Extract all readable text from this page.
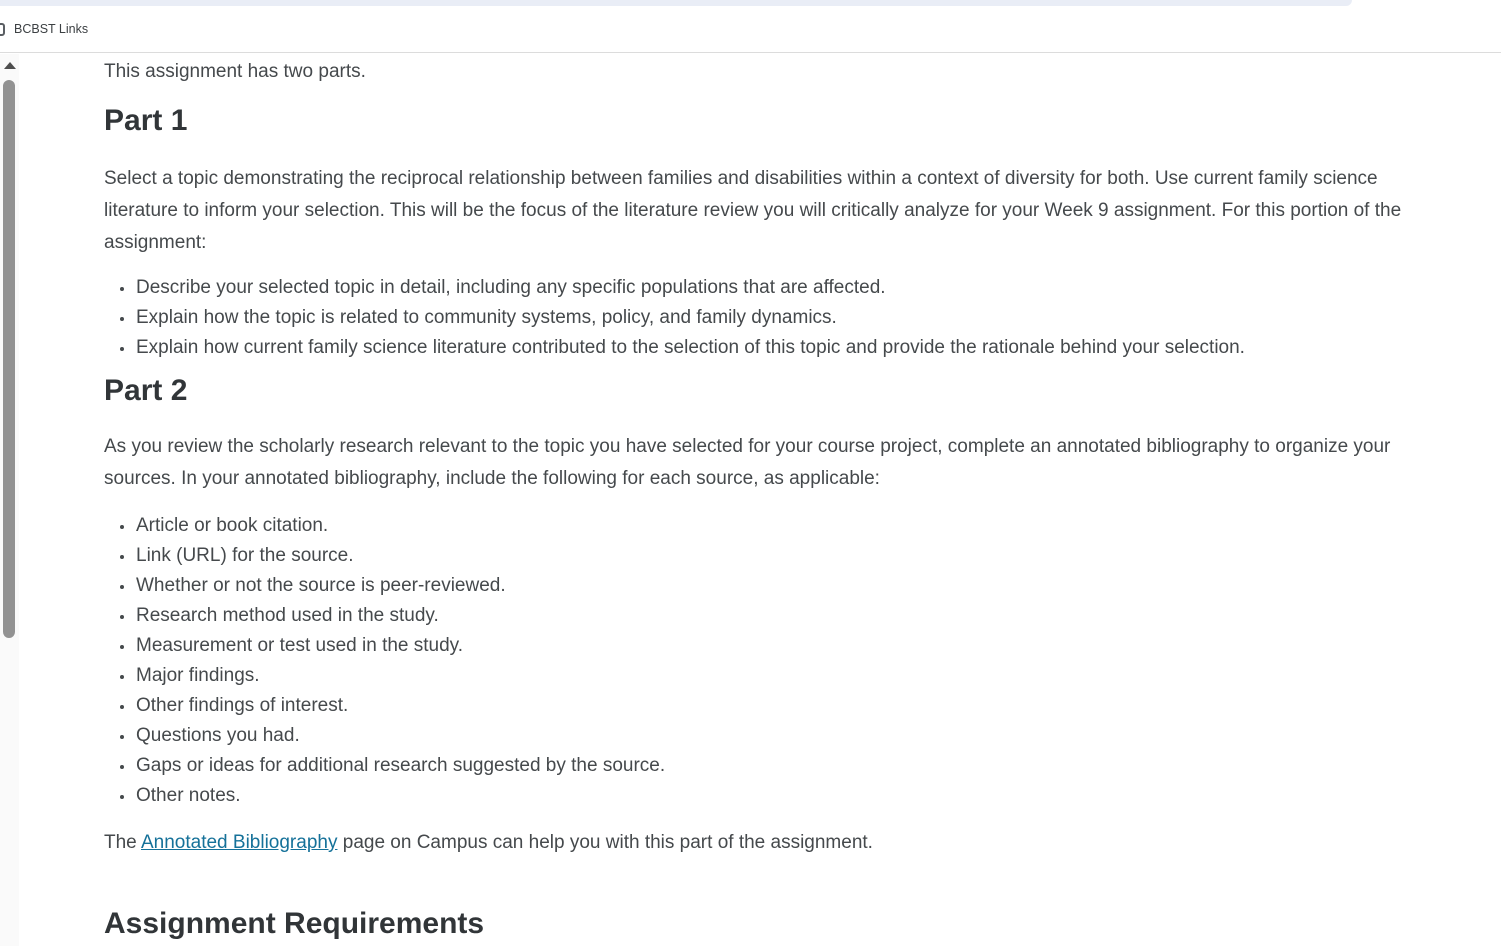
BCBST Links

This assignment has two parts.

Part 1

Select a topic demonstrating the reciprocal relationship between families and disabilities within a context of diversity for both. Use current family science literature to inform your selection. This will be the focus of the literature review you will critically analyze for your Week 9 assignment. For this portion of the assignment:

• Describe your selected topic in detail, including any specific populations that are affected.
• Explain how the topic is related to community systems, policy, and family dynamics.
• Explain how current family science literature contributed to the selection of this topic and provide the rationale behind your selection.
Part 2

As you review the scholarly research relevant to the topic you have selected for your course project, complete an annotated bibliography to organize your sources. In your annotated bibliography, include the following for each source, as applicable:

• Article or book citation.
• Link (URL) for the source.
• Whether or not the source is peer-reviewed.
• Research method used in the study.
• Measurement or test used in the study.
• Major findings.
• Other findings of interest.
• Questions you had.
• Gaps or ideas for additional research suggested by the source.
• Other notes.

The Annotated Bibliography page on Campus can help you with this part of the assignment.

Assignment Requirements
